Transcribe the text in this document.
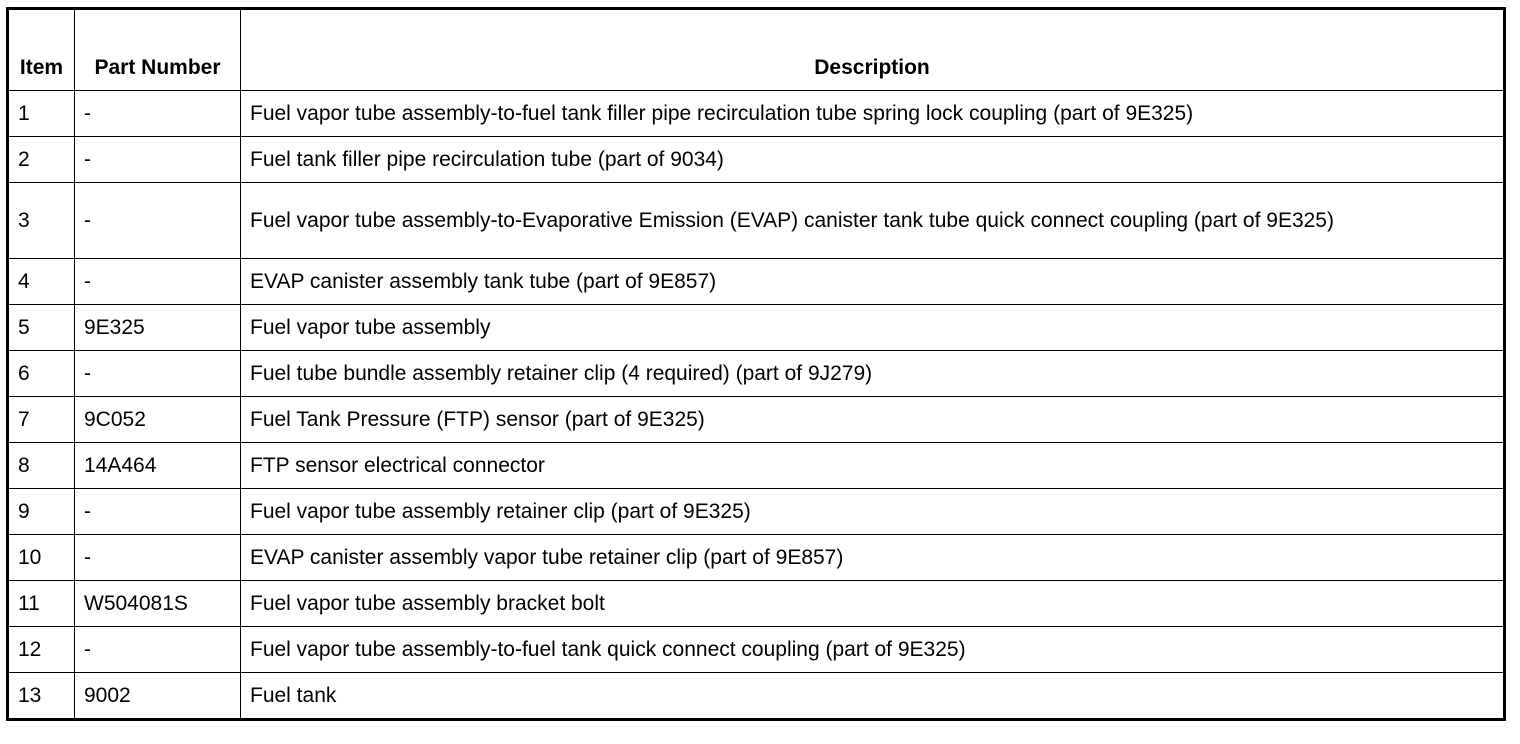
Item	Part Number	Description
1	-	Fuel vapor tube assembly-to-fuel tank filler pipe recirculation tube spring lock coupling (part of 9E325)
2	-	Fuel tank filler pipe recirculation tube (part of 9034)
3	-	Fuel vapor tube assembly-to-Evaporative Emission (EVAP) canister tank tube quick connect coupling (part of 9E325)
4	-	EVAP canister assembly tank tube (part of 9E857)
5	9E325	Fuel vapor tube assembly
6	-	Fuel tube bundle assembly retainer clip (4 required) (part of 9J279)
7	9C052	Fuel Tank Pressure (FTP) sensor (part of 9E325)
8	14A464	FTP sensor electrical connector
9	-	Fuel vapor tube assembly retainer clip (part of 9E325)
10	-	EVAP canister assembly vapor tube retainer clip (part of 9E857)
11	W504081S	Fuel vapor tube assembly bracket bolt
12	-	Fuel vapor tube assembly-to-fuel tank quick connect coupling (part of 9E325)
13	9002	Fuel tank
